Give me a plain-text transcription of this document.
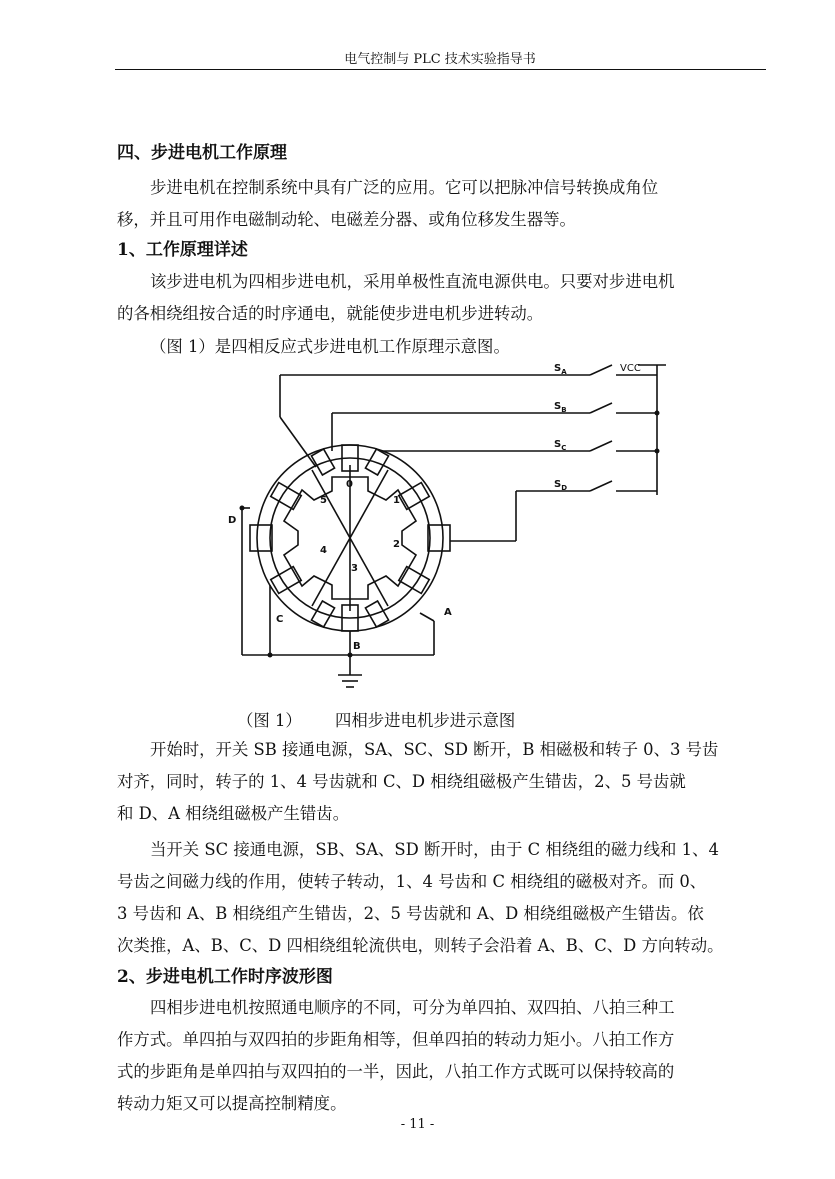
电气控制与 PLC 技术实验指导书
四、步进电机工作原理
步进电机在控制系统中具有广泛的应用。它可以把脉冲信号转换成角位
移，并且可用作电磁制动轮、电磁差分器、或角位移发生器等。
1、工作原理详述
该步进电机为四相步进电机，采用单极性直流电源供电。只要对步进电机
的各相绕组按合适的时序通电，就能使步进电机步进转动。
（图 1）是四相反应式步进电机工作原理示意图。
$S_A$	VCC
$S_B$
$S_C$
$S_D$
D
C
B
A
0
1
2
3
4
5
（图 1） 四相步进电机步进示意图
开始时，开关 SB 接通电源，SA、SC、SD 断开，B 相磁极和转子 0、3 号齿
对齐，同时，转子的 1、4 号齿就和 C、D 相绕组磁极产生错齿，2、5 号齿就
和 D、A 相绕组磁极产生错齿。
当开关 SC 接通电源，SB、SA、SD 断开时，由于 C 相绕组的磁力线和 1、4
号齿之间磁力线的作用，使转子转动，1、4 号齿和 C 相绕组的磁极对齐。而 0、
3 号齿和 A、B 相绕组产生错齿，2、5 号齿就和 A、D 相绕组磁极产生错齿。依
次类推，A、B、C、D 四相绕组轮流供电，则转子会沿着 A、B、C、D 方向转动。
2、步进电机工作时序波形图
四相步进电机按照通电顺序的不同，可分为单四拍、双四拍、八拍三种工
作方式。单四拍与双四拍的步距角相等，但单四拍的转动力矩小。八拍工作方
式的步距角是单四拍与双四拍的一半，因此，八拍工作方式既可以保持较高的
转动力矩又可以提高控制精度。
- 11 -
